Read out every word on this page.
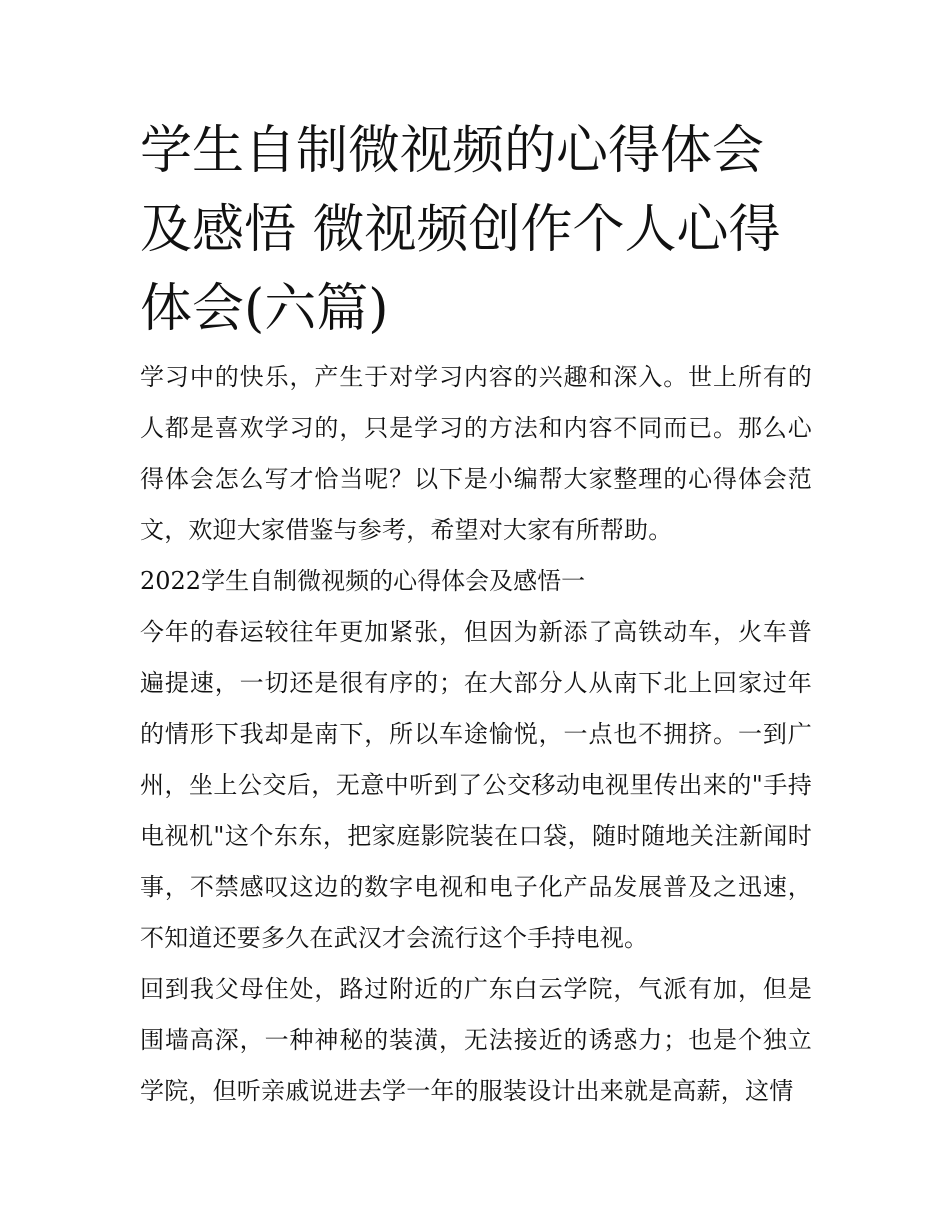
学生自制微视频的心得体会及感悟 微视频创作个人心得体会(六篇)

学习中的快乐，产生于对学习内容的兴趣和深入。世上所有的人都是喜欢学习的，只是学习的方法和内容不同而已。那么心得体会怎么写才恰当呢？以下是小编帮大家整理的心得体会范文，欢迎大家借鉴与参考，希望对大家有所帮助。

2022学生自制微视频的心得体会及感悟一

今年的春运较往年更加紧张，但因为新添了高铁动车，火车普遍提速，一切还是很有序的；在大部分人从南下北上回家过年的情形下我却是南下，所以车途愉悦，一点也不拥挤。一到广州，坐上公交后，无意中听到了公交移动电视里传出来的"手持电视机"这个东东，把家庭影院装在口袋，随时随地关注新闻时事，不禁感叹这边的数字电视和电子化产品发展普及之迅速，不知道还要多久在武汉才会流行这个手持电视。

回到我父母住处，路过附近的广东白云学院，气派有加，但是围墙高深，一种神秘的装潢，无法接近的诱惑力；也是个独立学院，但听亲戚说进去学一年的服装设计出来就是高薪，这情
